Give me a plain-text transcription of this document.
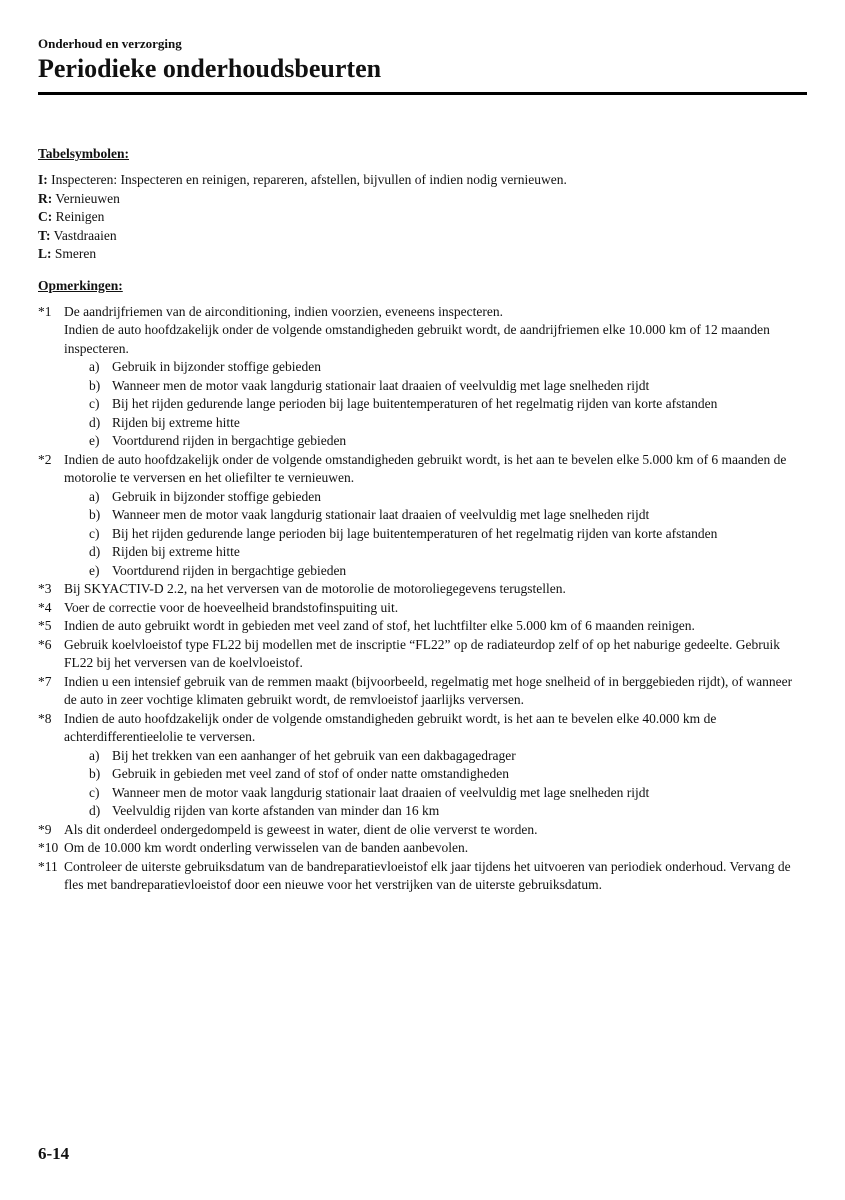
Onderhoud en verzorging
Periodieke onderhoudsbeurten
Tabelsymbolen:
I: Inspecteren: Inspecteren en reinigen, repareren, afstellen, bijvullen of indien nodig vernieuwen.
R: Vernieuwen
C: Reinigen
T: Vastdraaien
L: Smeren
Opmerkingen:
*1 De aandrijfriemen van de airconditioning, indien voorzien, eveneens inspecteren.
Indien de auto hoofdzakelijk onder de volgende omstandigheden gebruikt wordt, de aandrijfriemen elke 10.000 km of 12 maanden inspecteren.
a) Gebruik in bijzonder stoffige gebieden
b) Wanneer men de motor vaak langdurig stationair laat draaien of veelvuldig met lage snelheden rijdt
c) Bij het rijden gedurende lange perioden bij lage buitentemperaturen of het regelmatig rijden van korte afstanden
d) Rijden bij extreme hitte
e) Voortdurend rijden in bergachtige gebieden
*2 Indien de auto hoofdzakelijk onder de volgende omstandigheden gebruikt wordt, is het aan te bevelen elke 5.000 km of 6 maanden de motorolie te verversen en het oliefilter te vernieuwen.
a) Gebruik in bijzonder stoffige gebieden
b) Wanneer men de motor vaak langdurig stationair laat draaien of veelvuldig met lage snelheden rijdt
c) Bij het rijden gedurende lange perioden bij lage buitentemperaturen of het regelmatig rijden van korte afstanden
d) Rijden bij extreme hitte
e) Voortdurend rijden in bergachtige gebieden
*3 Bij SKYACTIV-D 2.2, na het verversen van de motorolie de motoroliegegevens terugstellen.
*4 Voer de correctie voor de hoeveelheid brandstofinspuiting uit.
*5 Indien de auto gebruikt wordt in gebieden met veel zand of stof, het luchtfilter elke 5.000 km of 6 maanden reinigen.
*6 Gebruik koelvloeistof type FL22 bij modellen met de inscriptie “FL22” op de radiateurdop zelf of op het naburige gedeelte. Gebruik FL22 bij het verversen van de koelvloeistof.
*7 Indien u een intensief gebruik van de remmen maakt (bijvoorbeeld, regelmatig met hoge snelheid of in berggebieden rijdt), of wanneer de auto in zeer vochtige klimaten gebruikt wordt, de remvloeistof jaarlijks verversen.
*8 Indien de auto hoofdzakelijk onder de volgende omstandigheden gebruikt wordt, is het aan te bevelen elke 40.000 km de achterdifferentieelolie te verversen.
a) Bij het trekken van een aanhanger of het gebruik van een dakbagagedrager
b) Gebruik in gebieden met veel zand of stof of onder natte omstandigheden
c) Wanneer men de motor vaak langdurig stationair laat draaien of veelvuldig met lage snelheden rijdt
d) Veelvuldig rijden van korte afstanden van minder dan 16 km
*9 Als dit onderdeel ondergedompeld is geweest in water, dient de olie ververst te worden.
*10 Om de 10.000 km wordt onderling verwisselen van de banden aanbevolen.
*11 Controleer de uiterste gebruiksdatum van de bandreparatievloeistof elk jaar tijdens het uitvoeren van periodiek onderhoud. Vervang de fles met bandreparatievloeistof door een nieuwe voor het verstrijken van de uiterste gebruiksdatum.
6-14
